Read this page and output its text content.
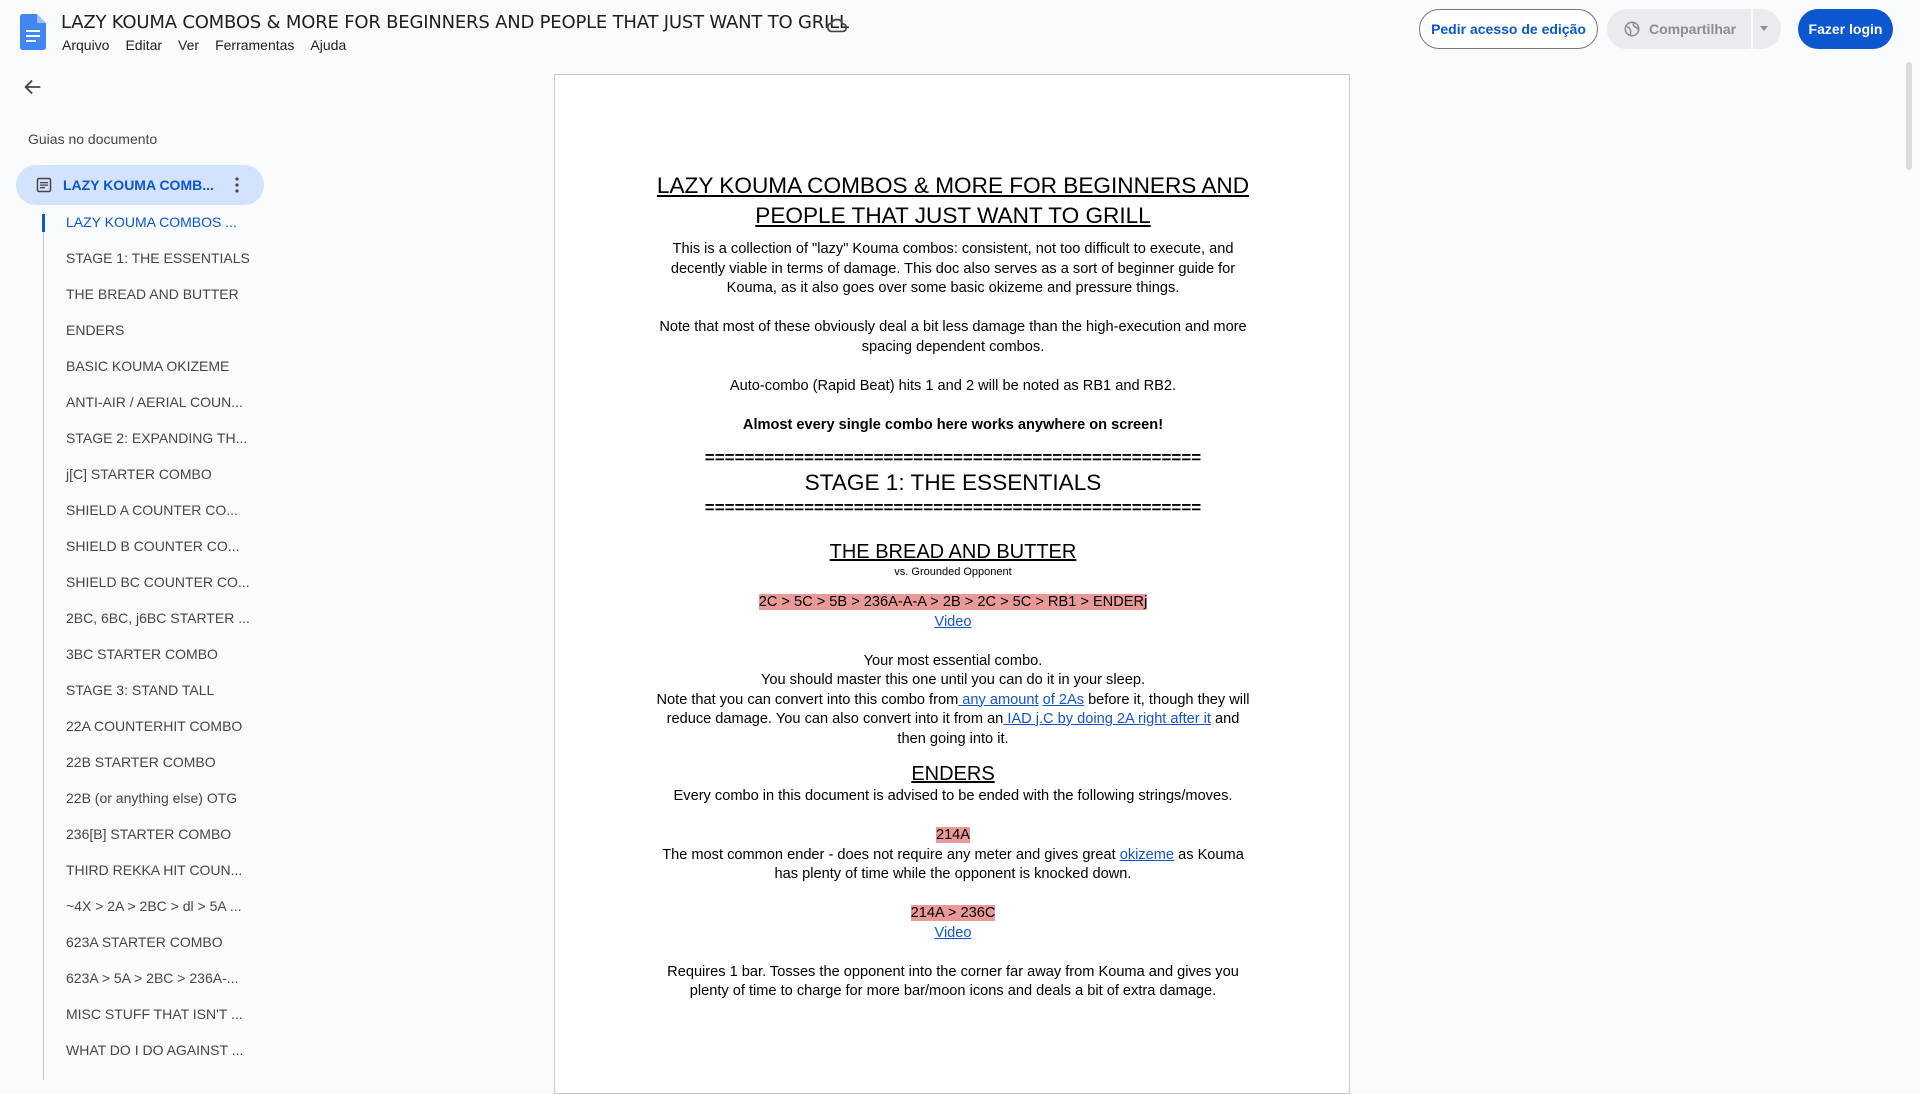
LAZY KOUMA COMBOS & MORE FOR BEGINNERS AND PEOPLE THAT JUST WANT TO GRILL
Arquivo Editar Ver Ferramentas Ajuda
Pedir acesso de edição	Compartilhar	Fazer login
Guias no documento
LAZY KOUMA COMB...
LAZY KOUMA COMBOS ...
STAGE 1: THE ESSENTIALS
THE BREAD AND BUTTER
ENDERS
BASIC KOUMA OKIZEME
ANTI-AIR / AERIAL COUN...
STAGE 2: EXPANDING TH...
j[C] STARTER COMBO
SHIELD A COUNTER CO...
SHIELD B COUNTER CO...
SHIELD BC COUNTER CO...
2BC, 6BC, j6BC STARTER ...
3BC STARTER COMBO
STAGE 3: STAND TALL
22A COUNTERHIT COMBO
22B STARTER COMBO
22B (or anything else) OTG
236[B] STARTER COMBO
THIRD REKKA HIT COUN...
~4X > 2A > 2BC > dl > 5A ...
623A STARTER COMBO
623A > 5A > 2BC > 236A-...
MISC STUFF THAT ISN'T ...
WHAT DO I DO AGAINST ...

LAZY KOUMA COMBOS & MORE FOR BEGINNERS AND PEOPLE THAT JUST WANT TO GRILL

This is a collection of "lazy" Kouma combos: consistent, not too difficult to execute, and decently viable in terms of damage. This doc also serves as a sort of beginner guide for Kouma, as it also goes over some basic okizeme and pressure things.

Note that most of these obviously deal a bit less damage than the high-execution and more spacing dependent combos.

Auto-combo (Rapid Beat) hits 1 and 2 will be noted as RB1 and RB2.

Almost every single combo here works anywhere on screen!

==================================================

STAGE 1: THE ESSENTIALS

==================================================

THE BREAD AND BUTTER

vs. Grounded Opponent

2C > 5C > 5B > 236A-A-A > 2B > 2C > 5C > RB1 > ENDERj

Video

Your most essential combo.

You should master this one until you can do it in your sleep.

Note that you can convert into this combo from any amount of 2As before it, though they will reduce damage. You can also convert into it from an IAD j.C by doing 2A right after it and then going into it.

ENDERS

Every combo in this document is advised to be ended with the following strings/moves.

214A

The most common ender - does not require any meter and gives great okizeme as Kouma has plenty of time while the opponent is knocked down.

214A > 236C

Video

Requires 1 bar. Tosses the opponent into the corner far away from Kouma and gives you plenty of time to charge for more bar/moon icons and deals a bit of extra damage.
